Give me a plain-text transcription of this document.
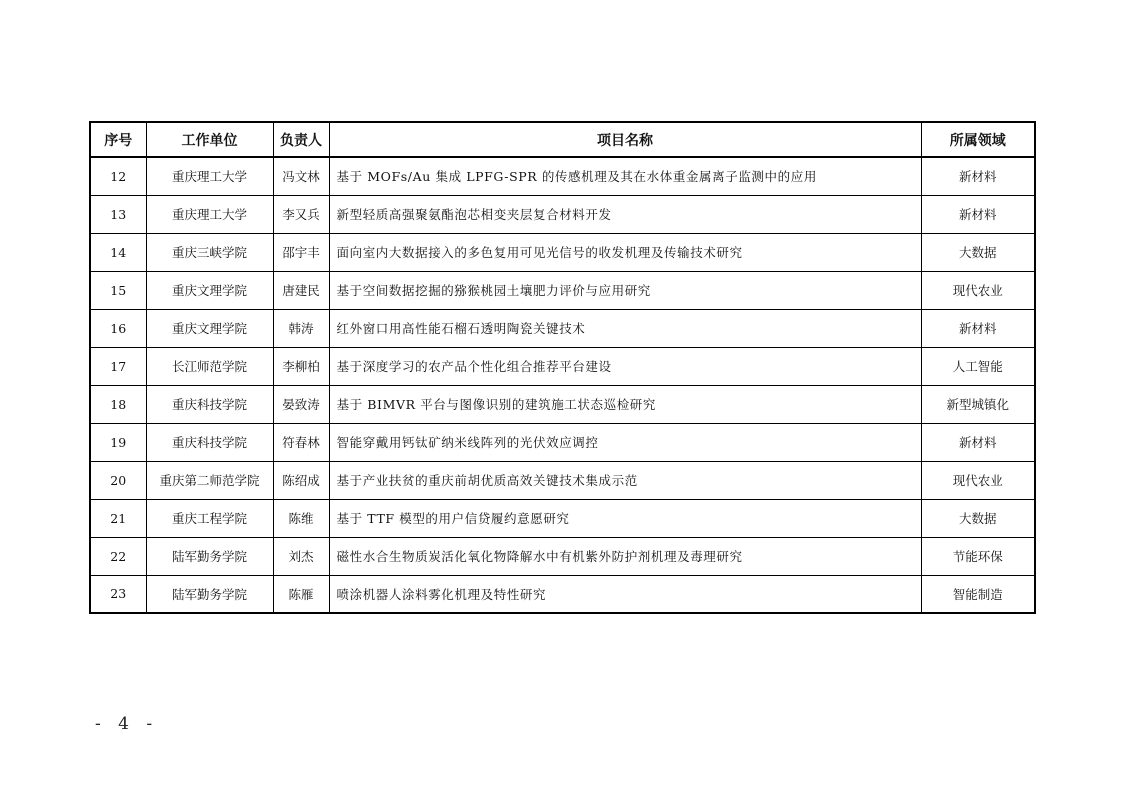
序号	工作单位	负责人	项目名称	所属领域
12	重庆理工大学	冯文林	基于 MOFs/Au 集成 LPFG-SPR 的传感机理及其在水体重金属离子监测中的应用	新材料
13	重庆理工大学	李又兵	新型轻质高强聚氨酯泡芯相变夹层复合材料开发	新材料
14	重庆三峡学院	邵宇丰	面向室内大数据接入的多色复用可见光信号的收发机理及传输技术研究	大数据
15	重庆文理学院	唐建民	基于空间数据挖掘的猕猴桃园土壤肥力评价与应用研究	现代农业
16	重庆文理学院	韩涛	红外窗口用高性能石榴石透明陶瓷关键技术	新材料
17	长江师范学院	李柳柏	基于深度学习的农产品个性化组合推荐平台建设	人工智能
18	重庆科技学院	晏致涛	基于 BIMVR 平台与图像识别的建筑施工状态巡检研究	新型城镇化
19	重庆科技学院	符春林	智能穿戴用钙钛矿纳米线阵列的光伏效应调控	新材料
20	重庆第二师范学院	陈绍成	基于产业扶贫的重庆前胡优质高效关键技术集成示范	现代农业
21	重庆工程学院	陈维	基于 TTF 模型的用户信贷履约意愿研究	大数据
22	陆军勤务学院	刘杰	磁性水合生物质炭活化氧化物降解水中有机紫外防护剂机理及毒理研究	节能环保
23	陆军勤务学院	陈雁	喷涂机器人涂料雾化机理及特性研究	智能制造
- 4 -
